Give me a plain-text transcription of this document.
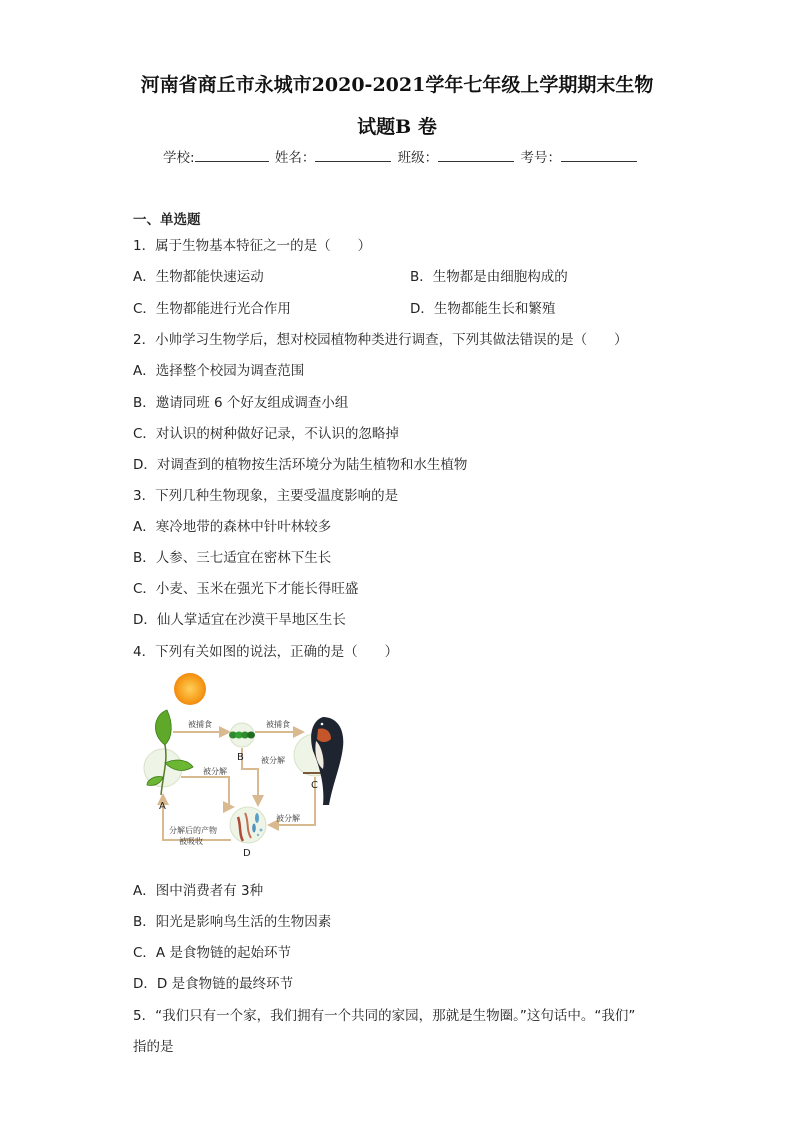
河南省商丘市永城市2020-2021学年七年级上学期期末生物
试题B 卷
学校:	姓名：	班级：	考号：
一、单选题
1．属于生物基本特征之一的是（　　）
A．生物都能快速运动	B．生物都是由细胞构成的
C．生物都能进行光合作用	D．生物都能生长和繁殖
2．小帅学习生物学后，想对校园植物种类进行调查，下列其做法错误的是（　　）
A．选择整个校园为调查范围
B．邀请同班 6 个好友组成调查小组
C．对认识的树种做好记录，不认识的忽略掉
D．对调查到的植物按生活环境分为陆生植物和水生植物
3．下列几种生物现象，主要受温度影响的是
A．寒冷地带的森林中针叶林较多
B．人参、三七适宜在密林下生长
C．小麦、玉米在强光下才能长得旺盛
D．仙人掌适宜在沙漠干旱地区生长
4．下列有关如图的说法，正确的是（　　）
被捕食	被捕食
被分解
被分解
被分解
分解后的产物
被吸收
A
B
C
D
A．图中消费者有 3种
B．阳光是影响鸟生活的生物因素
C．A 是食物链的起始环节
D．D 是食物链的最终环节
5．“我们只有一个家，我们拥有一个共同的家园，那就是生物圈。”这句话中。“我们”
指的是
